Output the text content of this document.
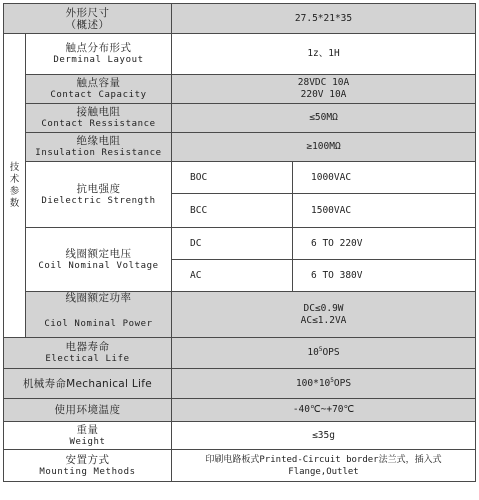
外形尺寸
（概述）		27.5*21*35	

技
术
参
数	触点分布形式
Derminal Layout	1z、1H	

	触点容量
Contact Capacity	28VDC 10A
220V 10A	

	接触电阻
Contact Ressistance	≤50MΩ	

	绝缘电阻
Insulation Resistance	≥100MΩ	

	抗电强度
Dielectric Strength	BOC	1000VAC
		BCC	1500VAC

	线圈额定电压
Coil Nominal Voltage	DC	6 TO 220V
		AC	6 TO 380V

	线圈额定功率
Ciol Nominal Power	DC≤0.9W
AC≤1.2VA	

电器寿命
Electical Life		$10^5OPS$	

机械寿命Mechanical Life		$100*10^5OPS$	

使用环境温度		-40℃~+70℃	

重量
Weight		≤35g	

安置方式
Mounting Methods		印刷电路板式Printed-Circuit border法兰式，插入式
Flange,Outlet	
